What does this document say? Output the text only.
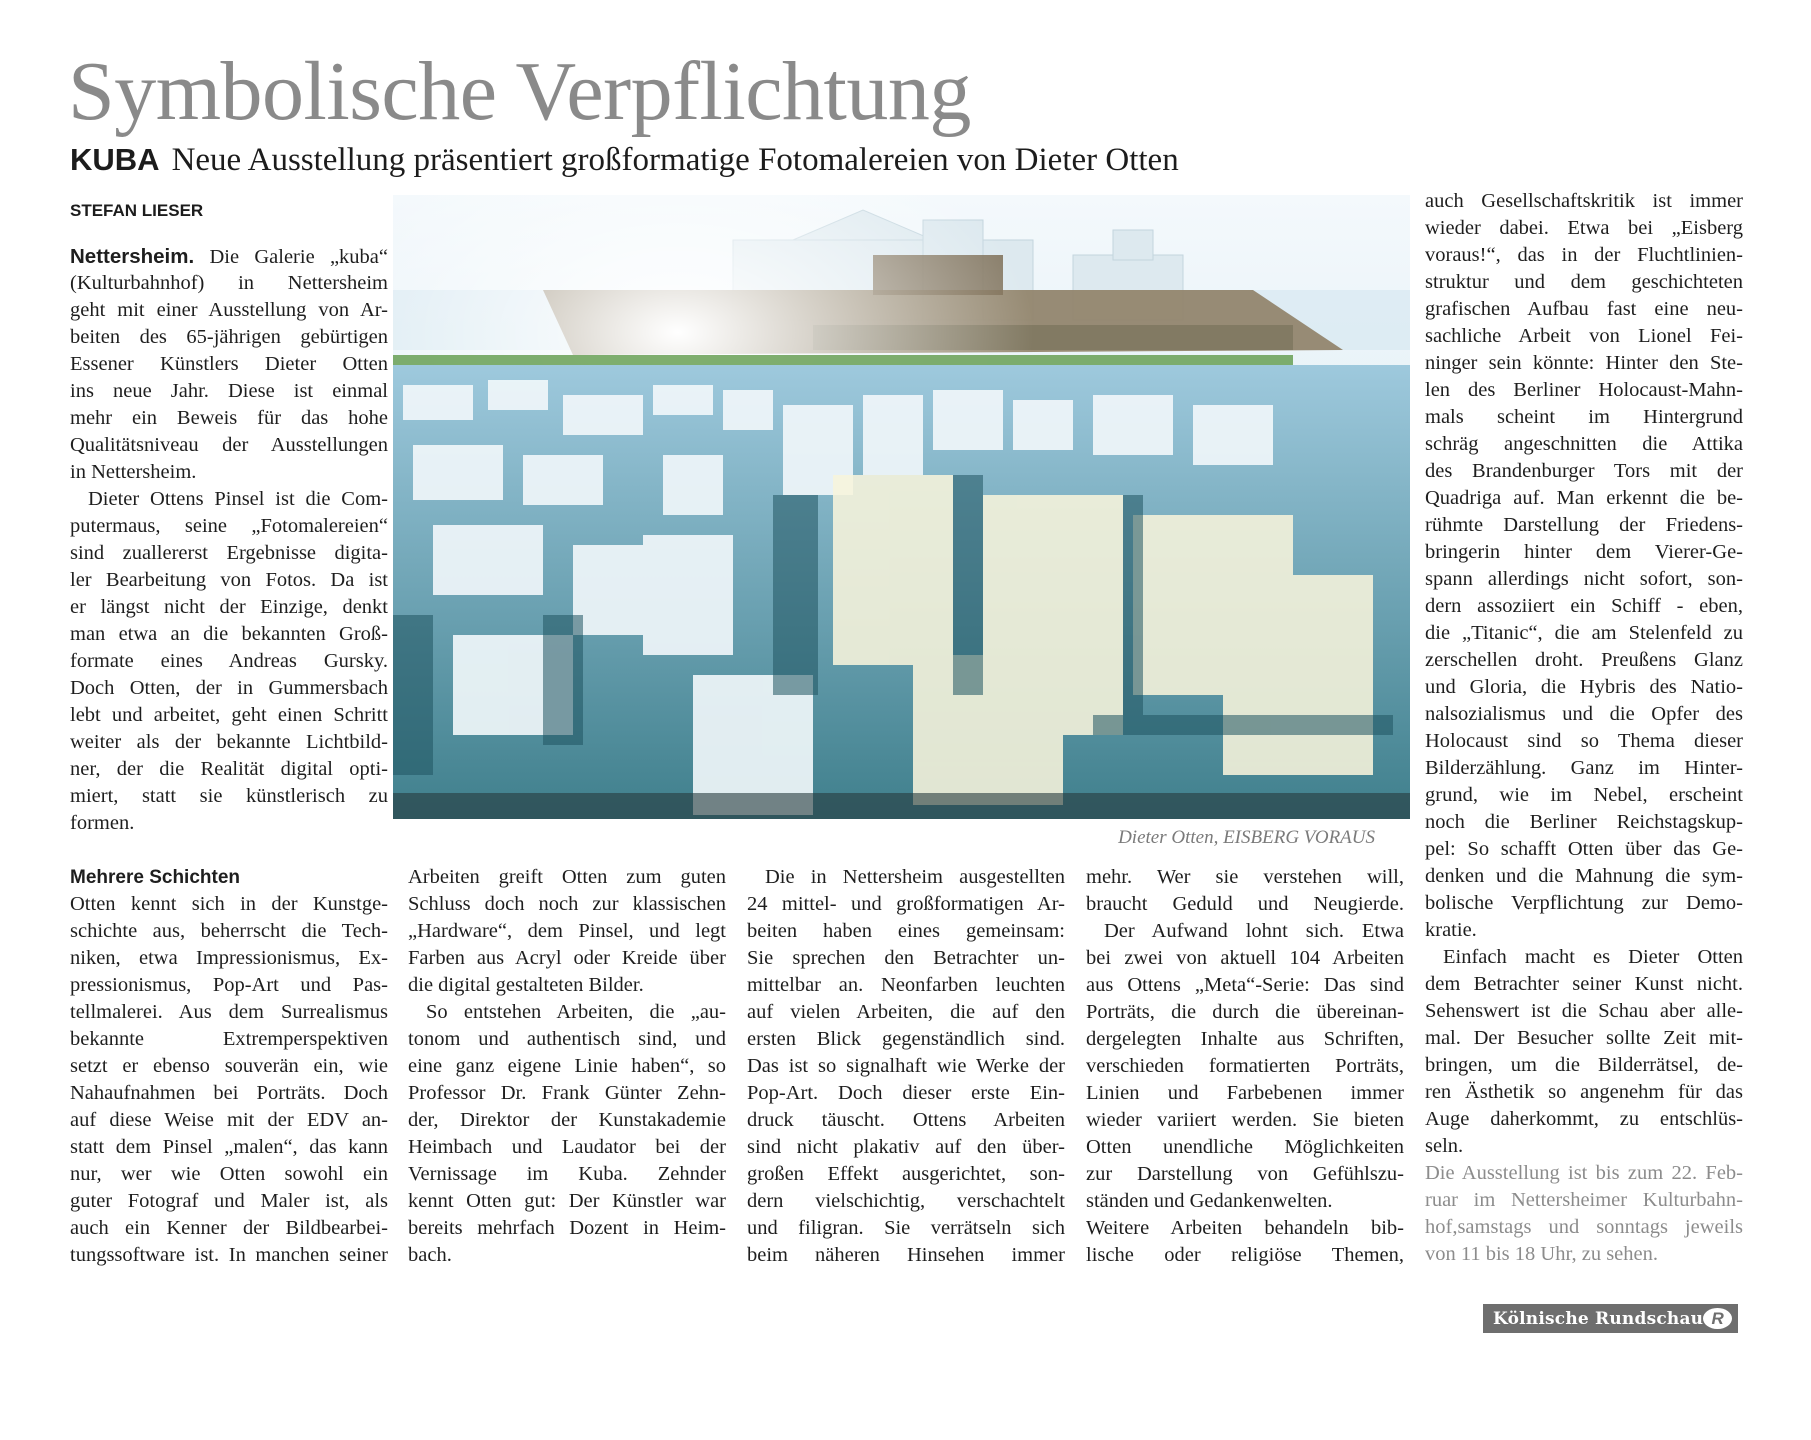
Symbolische Verpflichtung
KUBA Neue Ausstellung präsentiert großformatige Fotomalereien von Dieter Otten
STEFAN LIESER
Dieter Otten, EISBERG VORAUS
Nettersheim. Die Galerie „kuba“
(Kulturbahnhof) in Nettersheim
geht mit einer Ausstellung von Ar-
beiten des 65-jährigen gebürtigen
Essener Künstlers Dieter Otten
ins neue Jahr. Diese ist einmal
mehr ein Beweis für das hohe
Qualitätsniveau der Ausstellungen
in Nettersheim.
Dieter Ottens Pinsel ist die Com-
putermaus, seine „Fotomalereien“
sind zuallererst Ergebnisse digita-
ler Bearbeitung von Fotos. Da ist
er längst nicht der Einzige, denkt
man etwa an die bekannten Groß-
formate eines Andreas Gursky.
Doch Otten, der in Gummersbach
lebt und arbeitet, geht einen Schritt
weiter als der bekannte Lichtbild-
ner, der die Realität digital opti-
miert, statt sie künstlerisch zu
formen.
Mehrere Schichten
Otten kennt sich in der Kunstge-
schichte aus, beherrscht die Tech-
niken, etwa Impressionismus, Ex-
pressionismus, Pop-Art und Pas-
tellmalerei. Aus dem Surrealismus
bekannte Extremperspektiven
setzt er ebenso souverän ein, wie
Nahaufnahmen bei Porträts. Doch
auf diese Weise mit der EDV an-
statt dem Pinsel „malen“, das kann
nur, wer wie Otten sowohl ein
guter Fotograf und Maler ist, als
auch ein Kenner der Bildbearbei-
tungssoftware ist. In manchen seiner
Arbeiten greift Otten zum guten
Schluss doch noch zur klassischen
„Hardware“, dem Pinsel, und legt
Farben aus Acryl oder Kreide über
die digital gestalteten Bilder.
So entstehen Arbeiten, die „au-
tonom und authentisch sind, und
eine ganz eigene Linie haben“, so
Professor Dr. Frank Günter Zehn-
der, Direktor der Kunstakademie
Heimbach und Laudator bei der
Vernissage im Kuba. Zehnder
kennt Otten gut: Der Künstler war
bereits mehrfach Dozent in Heim-
bach.
Die in Nettersheim ausgestellten
24 mittel- und großformatigen Ar-
beiten haben eines gemeinsam:
Sie sprechen den Betrachter un-
mittelbar an. Neonfarben leuchten
auf vielen Arbeiten, die auf den
ersten Blick gegenständlich sind.
Das ist so signalhaft wie Werke der
Pop-Art. Doch dieser erste Ein-
druck täuscht. Ottens Arbeiten
sind nicht plakativ auf den über-
großen Effekt ausgerichtet, son-
dern vielschichtig, verschachtelt
und filigran. Sie verrätseln sich
beim näheren Hinsehen immer
mehr. Wer sie verstehen will,
braucht Geduld und Neugierde.
Der Aufwand lohnt sich. Etwa
bei zwei von aktuell 104 Arbeiten
aus Ottens „Meta“-Serie: Das sind
Porträts, die durch die übereinan-
dergelegten Inhalte aus Schriften,
verschieden formatierten Porträts,
Linien und Farbebenen immer
wieder variiert werden. Sie bieten
Otten unendliche Möglichkeiten
zur Darstellung von Gefühlszu-
ständen und Gedankenwelten.
Weitere Arbeiten behandeln bib-
lische oder religiöse Themen,
auch Gesellschaftskritik ist immer
wieder dabei. Etwa bei „Eisberg
voraus!“, das in der Fluchtlinien-
struktur und dem geschichteten
grafischen Aufbau fast eine neu-
sachliche Arbeit von Lionel Fei-
ninger sein könnte: Hinter den Ste-
len des Berliner Holocaust-Mahn-
mals scheint im Hintergrund
schräg angeschnitten die Attika
des Brandenburger Tors mit der
Quadriga auf. Man erkennt die be-
rühmte Darstellung der Friedens-
bringerin hinter dem Vierer-Ge-
spann allerdings nicht sofort, son-
dern assoziiert ein Schiff - eben,
die „Titanic“, die am Stelenfeld zu
zerschellen droht. Preußens Glanz
und Gloria, die Hybris des Natio-
nalsozialismus und die Opfer des
Holocaust sind so Thema dieser
Bilderzählung. Ganz im Hinter-
grund, wie im Nebel, erscheint
noch die Berliner Reichstagskup-
pel: So schafft Otten über das Ge-
denken und die Mahnung die sym-
bolische Verpflichtung zur Demo-
kratie.
Einfach macht es Dieter Otten
dem Betrachter seiner Kunst nicht.
Sehenswert ist die Schau aber alle-
mal. Der Besucher sollte Zeit mit-
bringen, um die Bilderrätsel, de-
ren Ästhetik so angenehm für das
Auge daherkommt, zu entschlüs-
seln.
Die Ausstellung ist bis zum 22. Feb-
ruar im Nettersheimer Kulturbahn-
hof,samstags und sonntags jeweils
von 11 bis 18 Uhr, zu sehen.
Kölnische Rundschau R
